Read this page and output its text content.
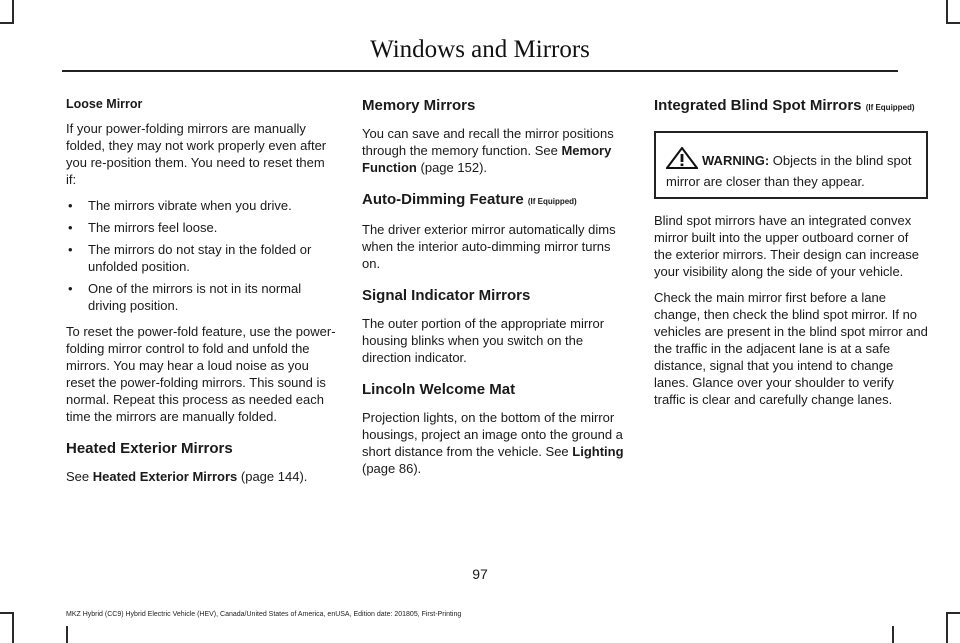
Windows and Mirrors

Loose Mirror

If your power-folding mirrors are manually folded, they may not work properly even after you re-position them. You need to reset them if:

• The mirrors vibrate when you drive.
• The mirrors feel loose.
• The mirrors do not stay in the folded or unfolded position.
• One of the mirrors is not in its normal driving position.

To reset the power-fold feature, use the power-folding mirror control to fold and unfold the mirrors. You may hear a loud noise as you reset the power-folding mirrors. This sound is normal. Repeat this process as needed each time the mirrors are manually folded.

Heated Exterior Mirrors

See Heated Exterior Mirrors (page 144).

Memory Mirrors

You can save and recall the mirror positions through the memory function. See Memory Function (page 152).

Auto-Dimming Feature (If Equipped)

The driver exterior mirror automatically dims when the interior auto-dimming mirror turns on.

Signal Indicator Mirrors

The outer portion of the appropriate mirror housing blinks when you switch on the direction indicator.

Lincoln Welcome Mat

Projection lights, on the bottom of the mirror housings, project an image onto the ground a short distance from the vehicle. See Lighting (page 86).

Integrated Blind Spot Mirrors (If Equipped)
WARNING: Objects in the blind spot mirror are closer than they appear.

Blind spot mirrors have an integrated convex mirror built into the upper outboard corner of the exterior mirrors. Their design can increase your visibility along the side of your vehicle.

Check the main mirror first before a lane change, then check the blind spot mirror. If no vehicles are present in the blind spot mirror and the traffic in the adjacent lane is at a safe distance, signal that you intend to change lanes. Glance over your shoulder to verify traffic is clear and carefully change lanes.

97
MKZ Hybrid (CC9) Hybrid Electric Vehicle (HEV), Canada/United States of America, enUSA, Edition date: 201805, First-Printing
